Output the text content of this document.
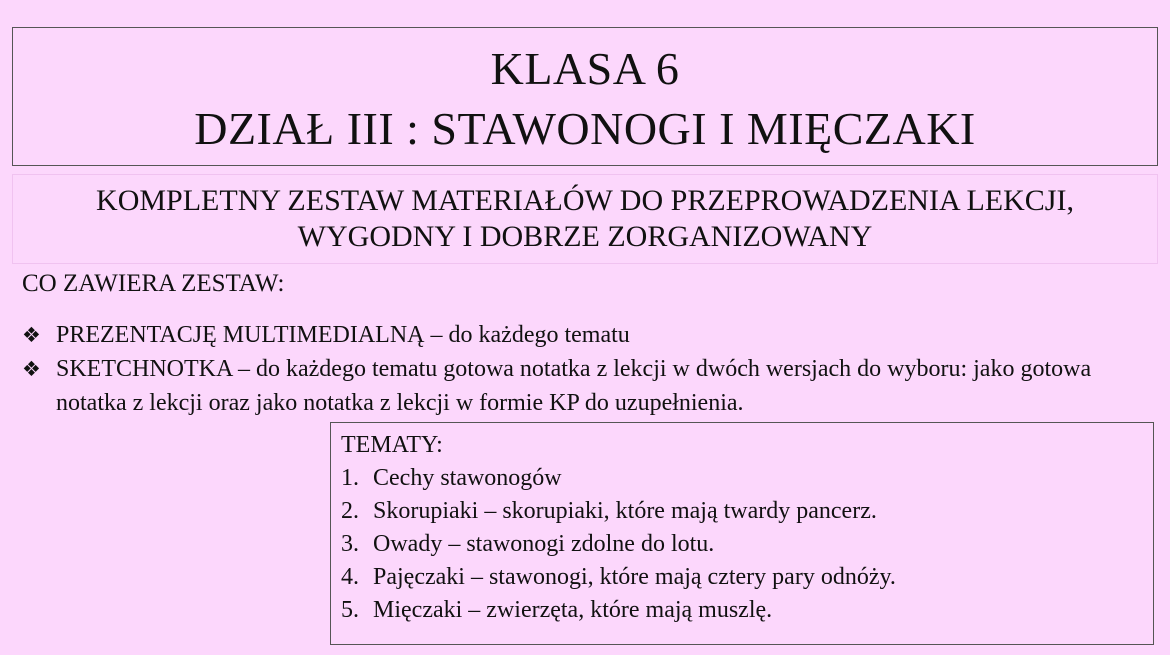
KLASA 6
DZIAŁ III : STAWONOGI I MIĘCZAKI
KOMPLETNY ZESTAW MATERIAŁÓW DO PRZEPROWADZENIA LEKCJI,
WYGODNY I DOBRZE ZORGANIZOWANY
CO ZAWIERA ZESTAW:
❖ PREZENTACJĘ MULTIMEDIALNĄ – do każdego tematu
❖ SKETCHNOTKA – do każdego tematu gotowa notatka z lekcji w dwóch wersjach do wyboru: jako gotowa notatka z lekcji oraz jako notatka z lekcji w formie KP do uzupełnienia.
TEMATY:
1. Cechy stawonogów
2. Skorupiaki – skorupiaki, które mają twardy pancerz.
3. Owady – stawonogi zdolne do lotu.
4. Pajęczaki – stawonogi, które mają cztery pary odnóży.
5. Mięczaki – zwierzęta, które mają muszlę.
